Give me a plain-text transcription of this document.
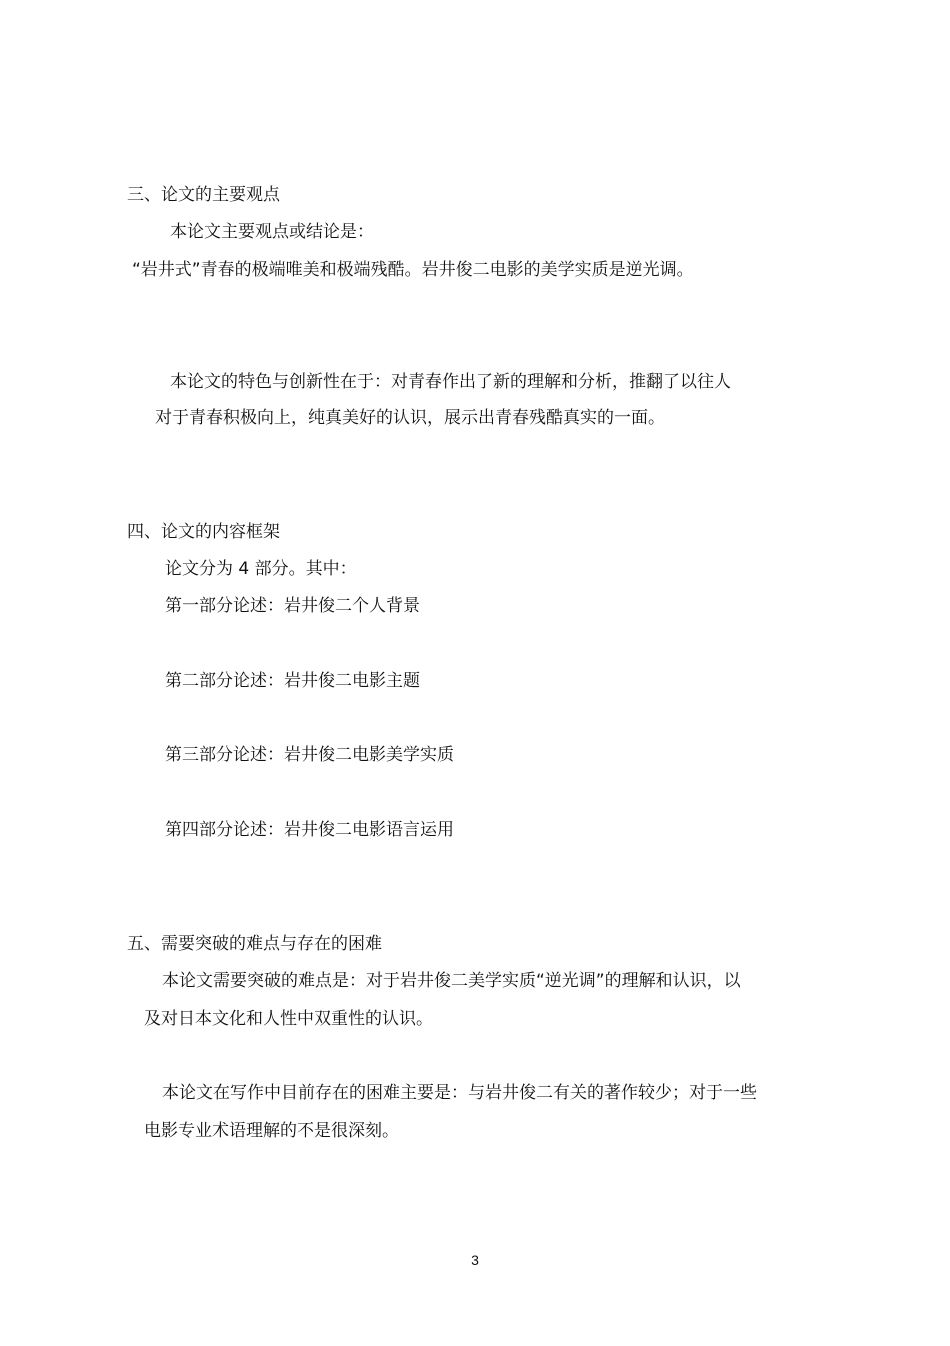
三、论文的主要观点
本论文主要观点或结论是：
“岩井式”青春的极端唯美和极端残酷。岩井俊二电影的美学实质是逆光调。
本论文的特色与创新性在于：对青春作出了新的理解和分析，推翻了以往人
对于青春积极向上，纯真美好的认识，展示出青春残酷真实的一面。
四、论文的内容框架
论文分为 4 部分。其中：
第一部分论述：岩井俊二个人背景
第二部分论述：岩井俊二电影主题
第三部分论述：岩井俊二电影美学实质
第四部分论述：岩井俊二电影语言运用
五、需要突破的难点与存在的困难
本论文需要突破的难点是：对于岩井俊二美学实质“逆光调”的理解和认识，以
及对日本文化和人性中双重性的认识。
本论文在写作中目前存在的困难主要是：与岩井俊二有关的著作较少；对于一些
电影专业术语理解的不是很深刻。
3
